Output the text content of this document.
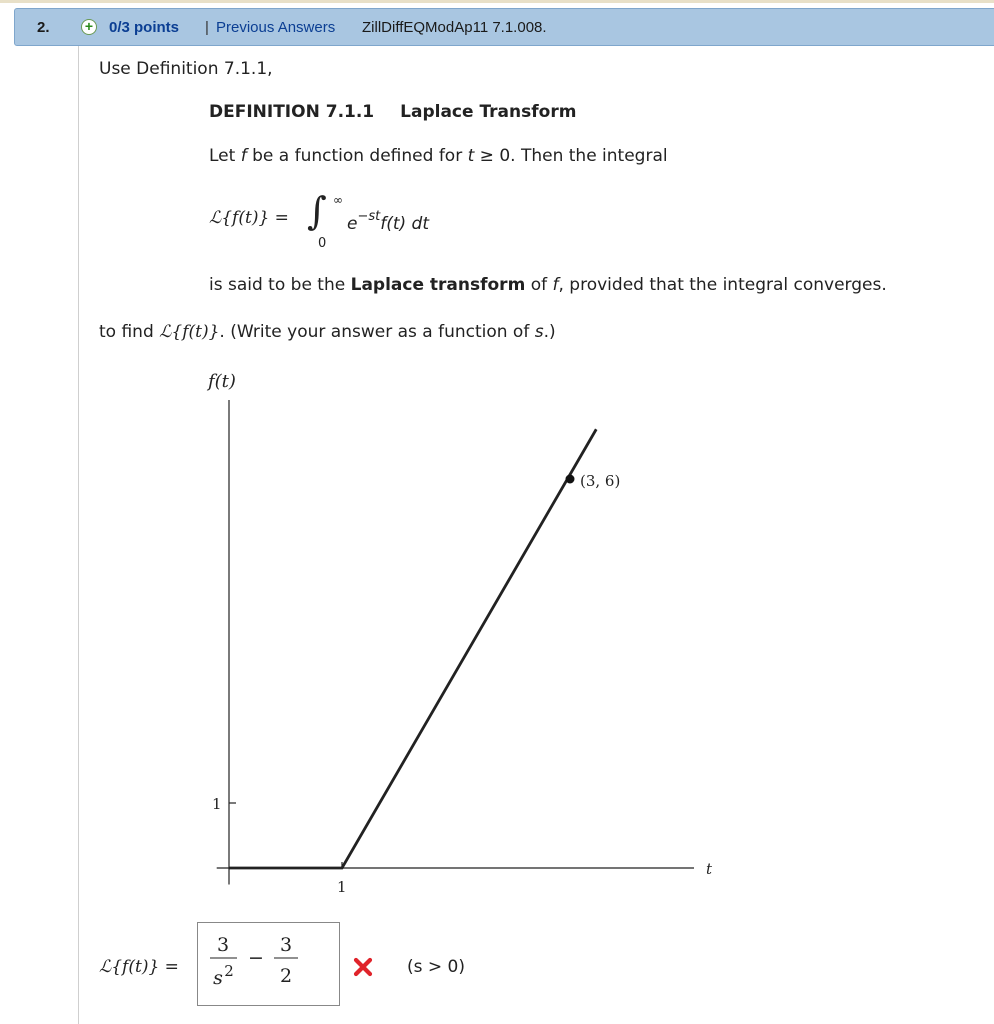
2.	+ 0/3 points | Previous Answers ZillDiffEQModAp11 7.1.008.
Use Definition 7.1.1,
DEFINITION 7.1.1 Laplace Transform
Let f be a function defined for t ≥ 0. Then the integral
ℒ{f(t)} = ∫ ∞
0
$e^{-st}f(t)$ dt
is said to be the Laplace transform of f, provided that the integral converges.
to find ℒ{f(t)}. (Write your answer as a function of s.)
f(t)
t
1
1
(3, 6)
ℒ{f(t)} =
3
s 2
−
3
2	(s > 0)
